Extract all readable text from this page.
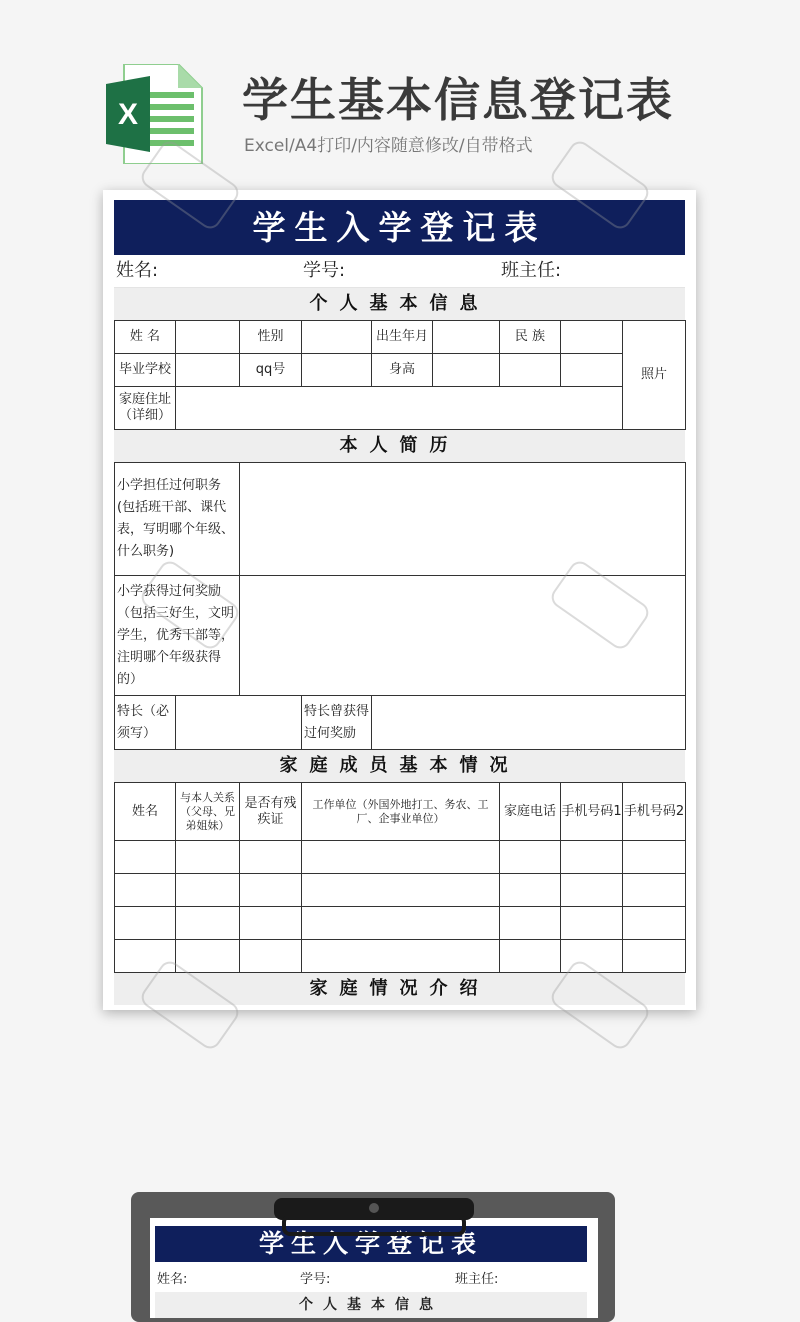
X 学生基本信息登记表
Excel/A4打印/内容随意修改/自带格式
学生入学登记表
姓名:			学号:			班主任:	
个人基本信息
姓 名		性别		出生年月		民 族		照片
毕业学校		qq号		身高				
家庭住址（详细）								
本人简历
小学担任过何职务(包括班干部、课代表，写明哪个年级、什么职务)				
小学获得过何奖励（包括三好生，文明学生，优秀干部等，注明哪个年级获得的）				
特长（必须写）			特长曾获得过何奖励	
家庭成员基本情况
姓名	与本人关系（父母、兄弟姐妹）	是否有残疾证	工作单位（外国外地打工、务农、工厂、企事业单位）	家庭电话	手机号码1	手机号码2

家庭情况介绍
学生入学登记表
姓名:	学号:	班主任:
个人基本信息
